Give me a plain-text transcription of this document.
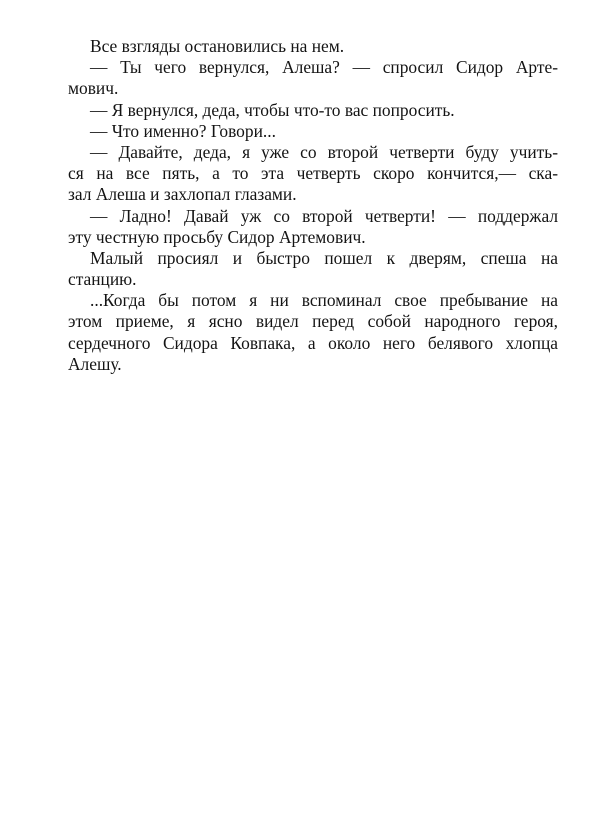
Все взгляды остановились на нем.
— Ты чего вернулся, Алеша? — спросил Сидор Арте-
мович.
— Я вернулся, деда, чтобы что-то вас попросить.
— Что именно? Говори...
— Давайте, деда, я уже со второй четверти буду учить-
ся на все пять, а то эта четверть скоро кончится,— ска-
зал Алеша и захлопал глазами.
— Ладно! Давай уж со второй четверти! — поддержал
эту честную просьбу Сидор Артемович.
Малый просиял и быстро пошел к дверям, спеша на
станцию.
...Когда бы потом я ни вспоминал свое пребывание на
этом приеме, я ясно видел перед собой народного героя,
сердечного Сидора Ковпака, а около него белявого хлопца
Алешу.
